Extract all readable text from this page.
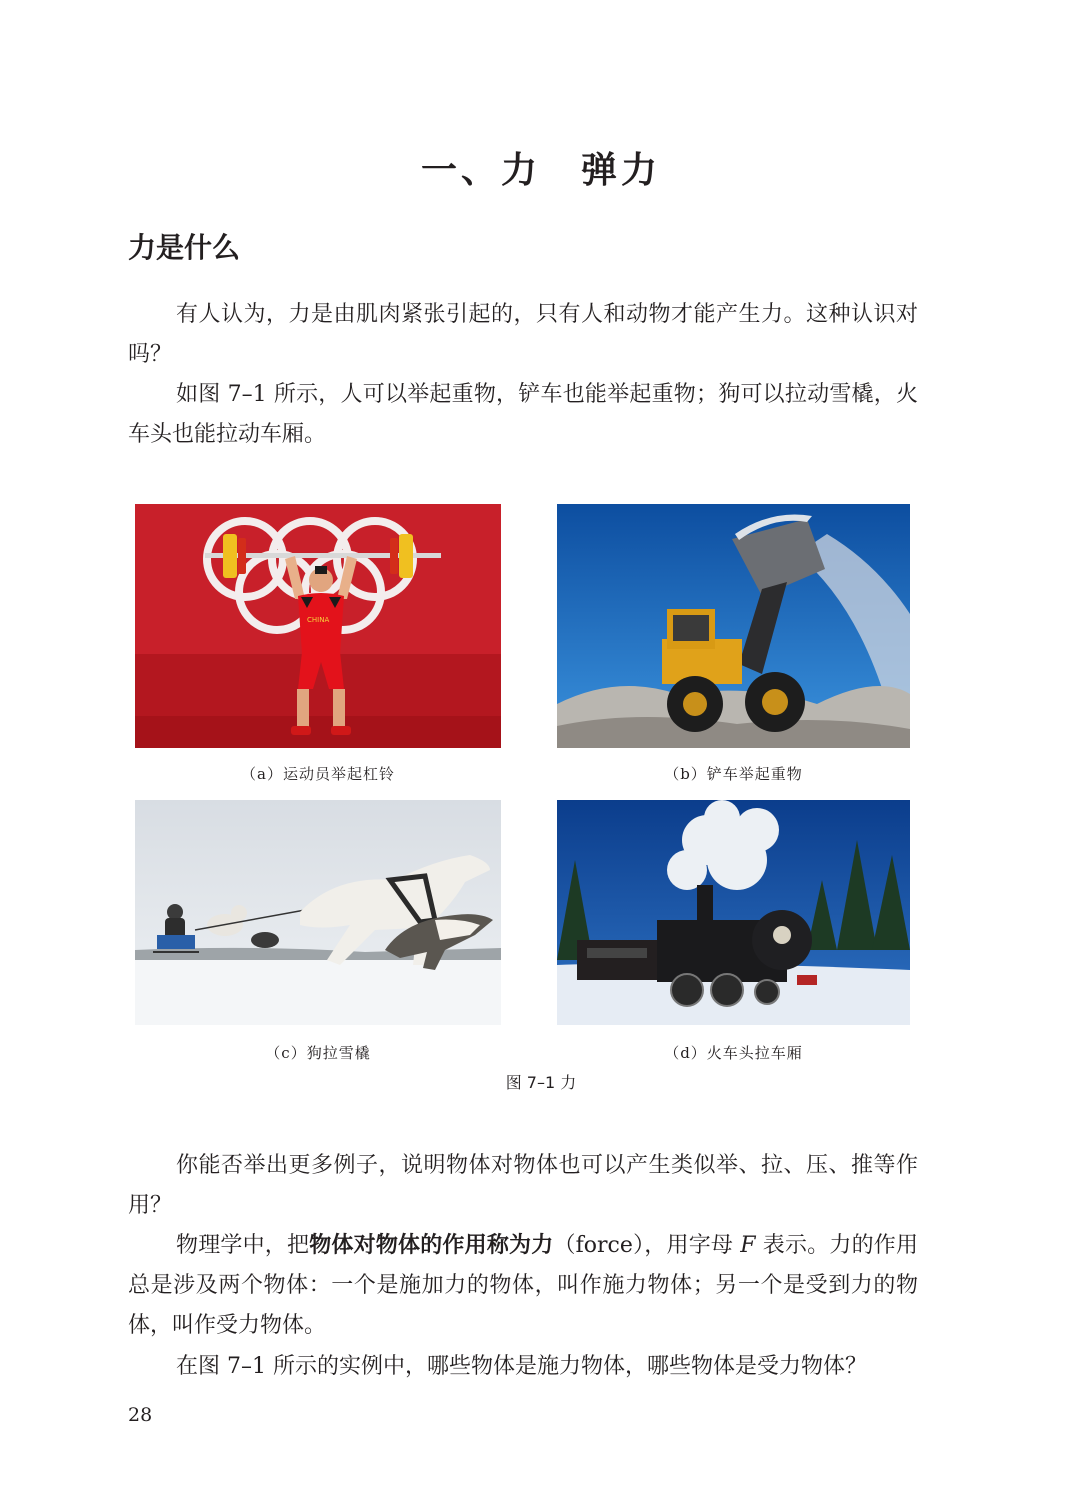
一、力　弹力
力是什么

有人认为，力是由肌肉紧张引起的，只有人和动物才能产生力。这种认识对吗？

如图 7–1 所示，人可以举起重物，铲车也能举起重物；狗可以拉动雪橇，火车头也能拉动车厢。

CHINA

（a）运动员举起杠铃	（b）铲车举起重物

（c）狗拉雪橇	（d）火车头拉车厢

图 7–1 力

你能否举出更多例子，说明物体对物体也可以产生类似举、拉、压、推等作用？

物理学中，把物体对物体的作用称为力（force），用字母 F 表示。力的作用总是涉及两个物体：一个是施加力的物体，叫作施力物体；另一个是受到力的物体，叫作受力物体。

在图 7–1 所示的实例中，哪些物体是施力物体，哪些物体是受力物体？

28
